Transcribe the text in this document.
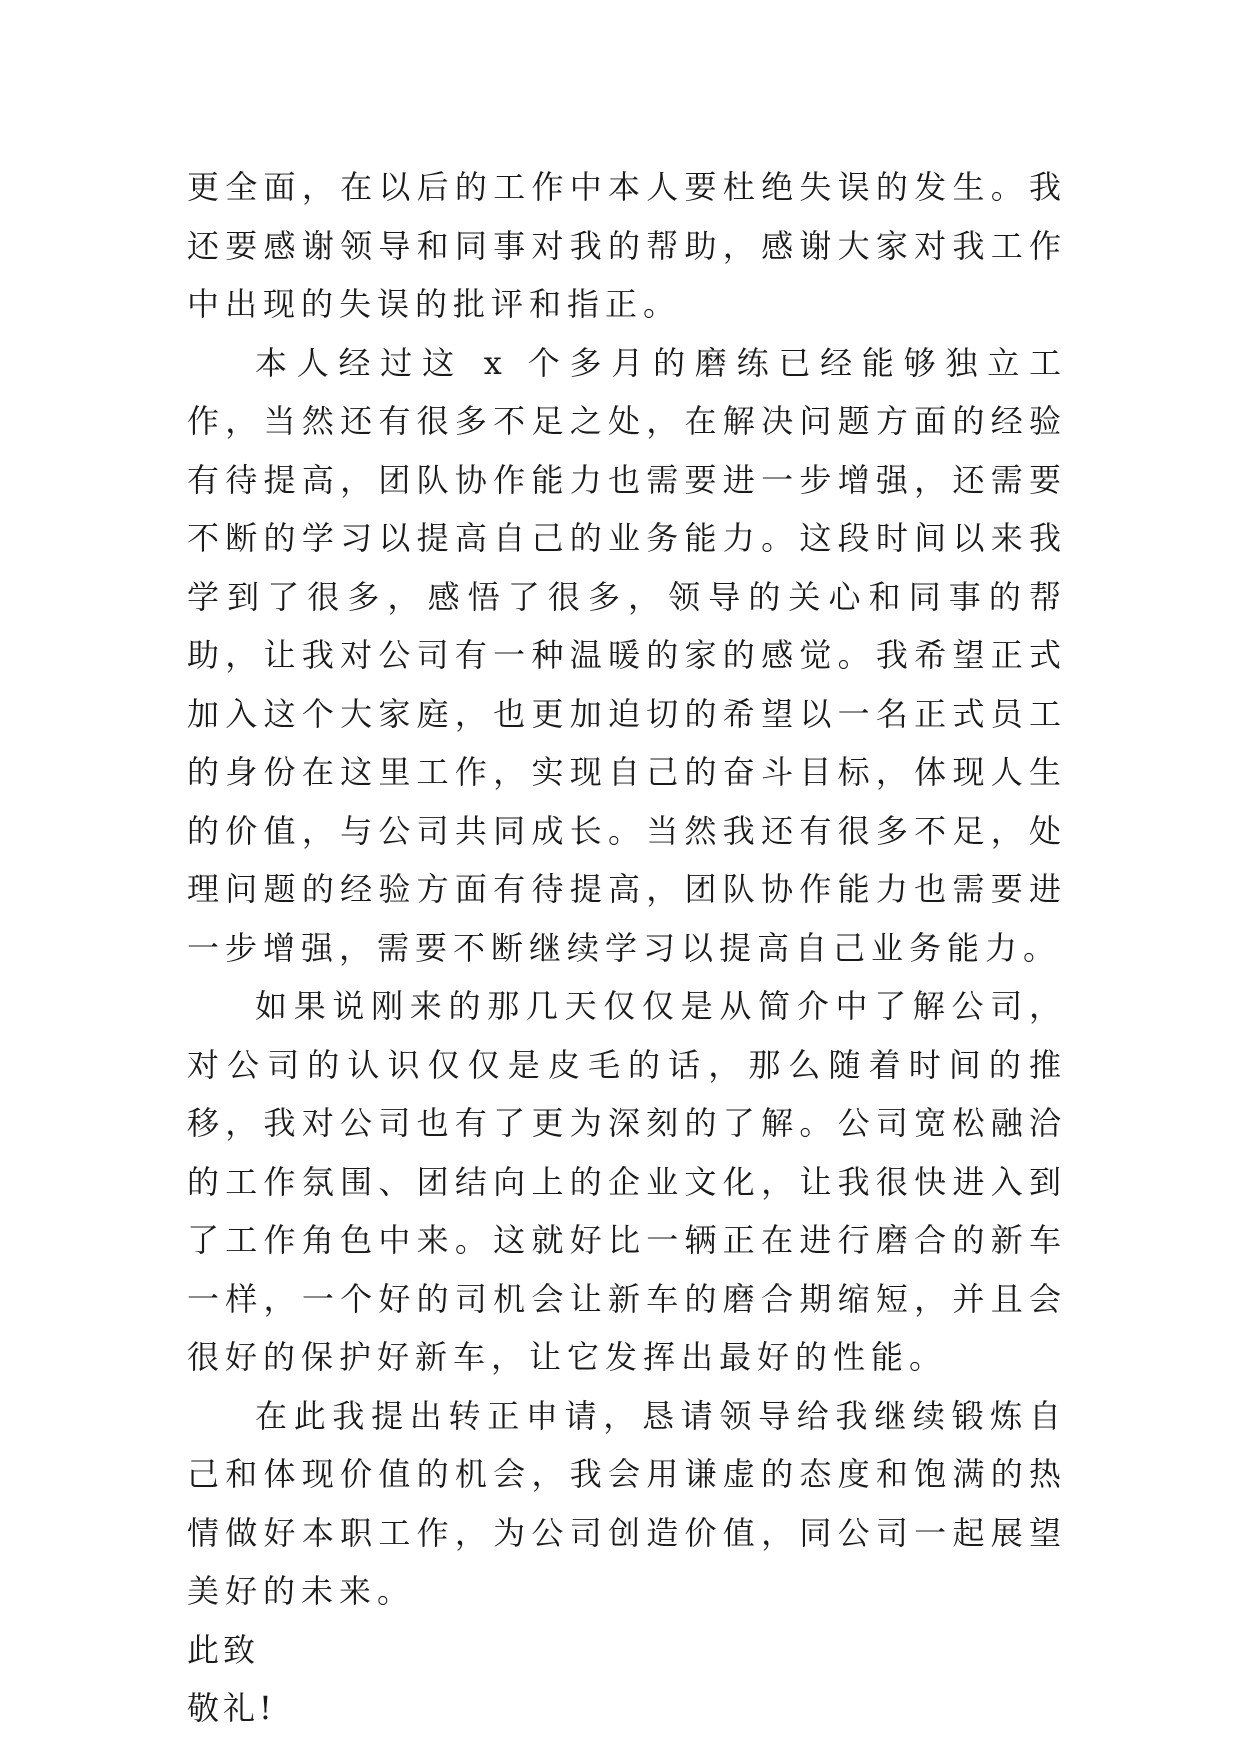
更全面，在以后的工作中本人要杜绝失误的发生。我还要感谢领导和同事对我的帮助，感谢大家对我工作中出现的失误的批评和指正。

本人经过这 x 个多月的磨练已经能够独立工作，当然还有很多不足之处，在解决问题方面的经验有待提高，团队协作能力也需要进一步增强，还需要不断的学习以提高自己的业务能力。这段时间以来我学到了很多，感悟了很多，领导的关心和同事的帮助，让我对公司有一种温暖的家的感觉。我希望正式加入这个大家庭，也更加迫切的希望以一名正式员工的身份在这里工作，实现自己的奋斗目标，体现人生的价值，与公司共同成长。当然我还有很多不足，处理问题的经验方面有待提高，团队协作能力也需要进一步增强，需要不断继续学习以提高自己业务能力。

如果说刚来的那几天仅仅是从简介中了解公司，对公司的认识仅仅是皮毛的话，那么随着时间的推移，我对公司也有了更为深刻的了解。公司宽松融洽的工作氛围、团结向上的企业文化，让我很快进入到了工作角色中来。这就好比一辆正在进行磨合的新车一样，一个好的司机会让新车的磨合期缩短，并且会很好的保护好新车，让它发挥出最好的性能。

在此我提出转正申请，恳请领导给我继续锻炼自己和体现价值的机会，我会用谦虚的态度和饱满的热情做好本职工作，为公司创造价值，同公司一起展望美好的未来。

此致

敬礼!
